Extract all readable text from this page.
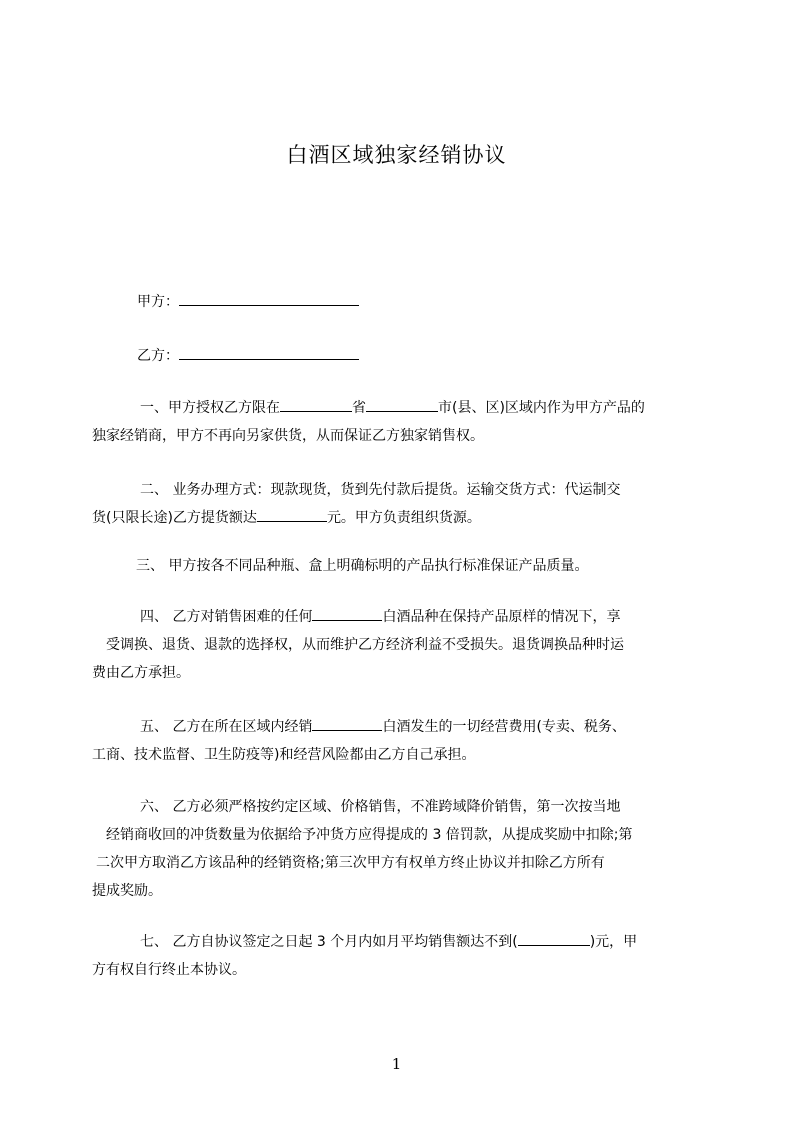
白酒区域独家经销协议
甲方：
乙方：
一、甲方授权乙方限在	省	市(县、区)区域内作为甲方产品的
独家经销商，甲方不再向另家供货，从而保证乙方独家销售权。
二、 业务办理方式：现款现货，货到先付款后提货。运输交货方式：代运制交
货(只限长途)乙方提货额达	元。甲方负责组织货源。
三、 甲方按各不同品种瓶、盒上明确标明的产品执行标准保证产品质量。
四、 乙方对销售困难的任何	白酒品种在保持产品原样的情况下，享
受调换、退货、退款的选择权，从而维护乙方经济利益不受损失。退货调换品种时运
费由乙方承担。
五、 乙方在所在区域内经销	白酒发生的一切经营费用(专卖、税务、
工商、技术监督、卫生防疫等)和经营风险都由乙方自己承担。
六、 乙方必须严格按约定区域、价格销售，不准跨域降价销售，第一次按当地
经销商收回的冲货数量为依据给予冲货方应得提成的 3 倍罚款，从提成奖励中扣除;第
二次甲方取消乙方该品种的经销资格;第三次甲方有权单方终止协议并扣除乙方所有
提成奖励。
七、 乙方自协议签定之日起 3 个月内如月平均销售额达不到(	)元，甲
方有权自行终止本协议。
1
